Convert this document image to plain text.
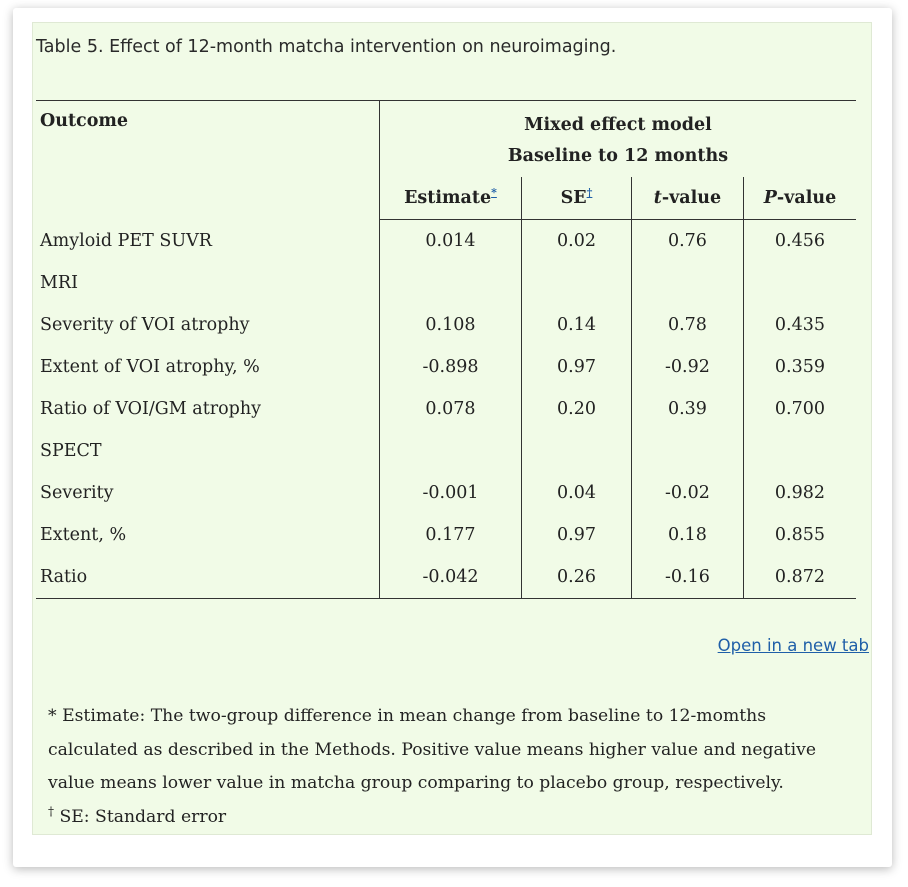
Table 5. Effect of 12-month matcha intervention on neuroimaging.
Outcome	Mixed effect model			
	Baseline to 12 months			
	Estimate*	SE†	t-value	P-value
Amyloid PET SUVR	0.014	0.02	0.76	0.456
MRI				
Severity of VOI atrophy	0.108	0.14	0.78	0.435
Extent of VOI atrophy, %	-0.898	0.97	-0.92	0.359
Ratio of VOI/GM atrophy	0.078	0.20	0.39	0.700
SPECT				
Severity	-0.001	0.04	-0.02	0.982
Extent, %	0.177	0.97	0.18	0.855
Ratio	-0.042	0.26	-0.16	0.872
Open in a new tab
* Estimate: The two-group difference in mean change from baseline to 12-momths calculated as described in the Methods. Positive value means higher value and negative value means lower value in matcha group comparing to placebo group, respectively.
† SE: Standard error
